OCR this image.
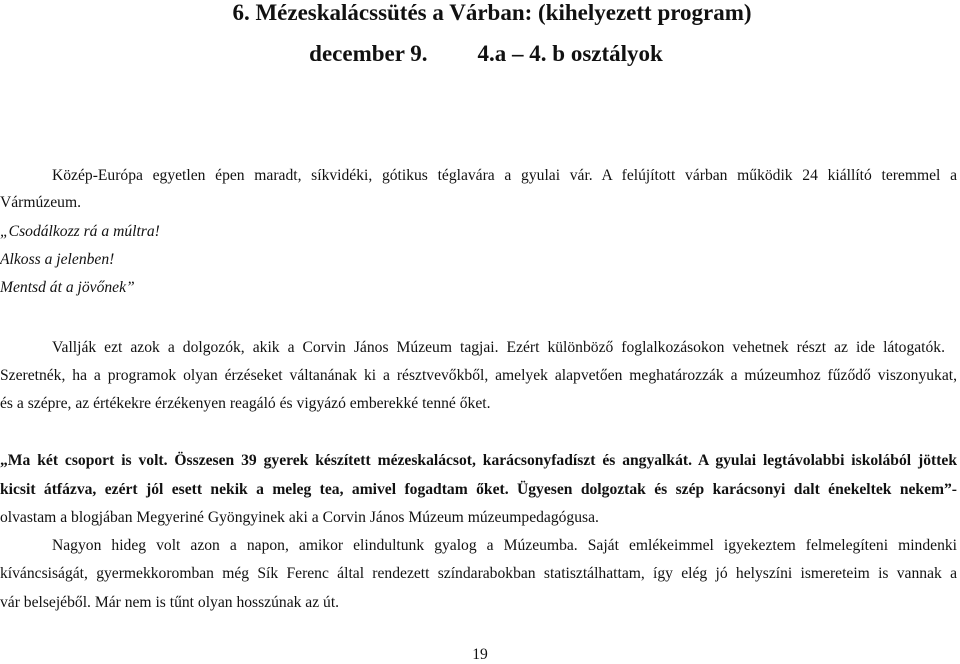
6. Mézeskalácssütés a Várban: (kihelyezett program)
december 9. 4.a – 4. b osztályok
Közép-Európa egyetlen épen maradt, síkvidéki, gótikus téglavára a gyulai vár. A felújított várban működik 24 kiállító teremmel a
Vármúzeum.
„Csodálkozz rá a múltra!
Alkoss a jelenben!
Mentsd át a jövőnek”
Vallják ezt azok a dolgozók, akik a Corvin János Múzeum tagjai. Ezért különböző foglalkozásokon vehetnek részt az ide látogatók.
Szeretnék, ha a programok olyan érzéseket váltanának ki a résztvevőkből, amelyek alapvetően meghatározzák a múzeumhoz fűződő viszonyukat,
és a szépre, az értékekre érzékenyen reagáló és vigyázó emberekké tenné őket.
„Ma két csoport is volt. Összesen 39 gyerek készített mézeskalácsot, karácsonyfadíszt és angyalkát. A gyulai legtávolabbi iskolából jöttek
kicsit átfázva, ezért jól esett nekik a meleg tea, amivel fogadtam őket. Ügyesen dolgoztak és szép karácsonyi dalt énekeltek nekem”-
olvastam a blogjában Megyeriné Gyöngyinek aki a Corvin János Múzeum múzeumpedagógusa.
Nagyon hideg volt azon a napon, amikor elindultunk gyalog a Múzeumba. Saját emlékeimmel igyekeztem felmelegíteni mindenki
kíváncsiságát, gyermekkoromban még Sík Ferenc által rendezett színdarabokban statisztálhattam, így elég jó helyszíni ismereteim is vannak a
vár belsejéből. Már nem is tűnt olyan hosszúnak az út.
19
